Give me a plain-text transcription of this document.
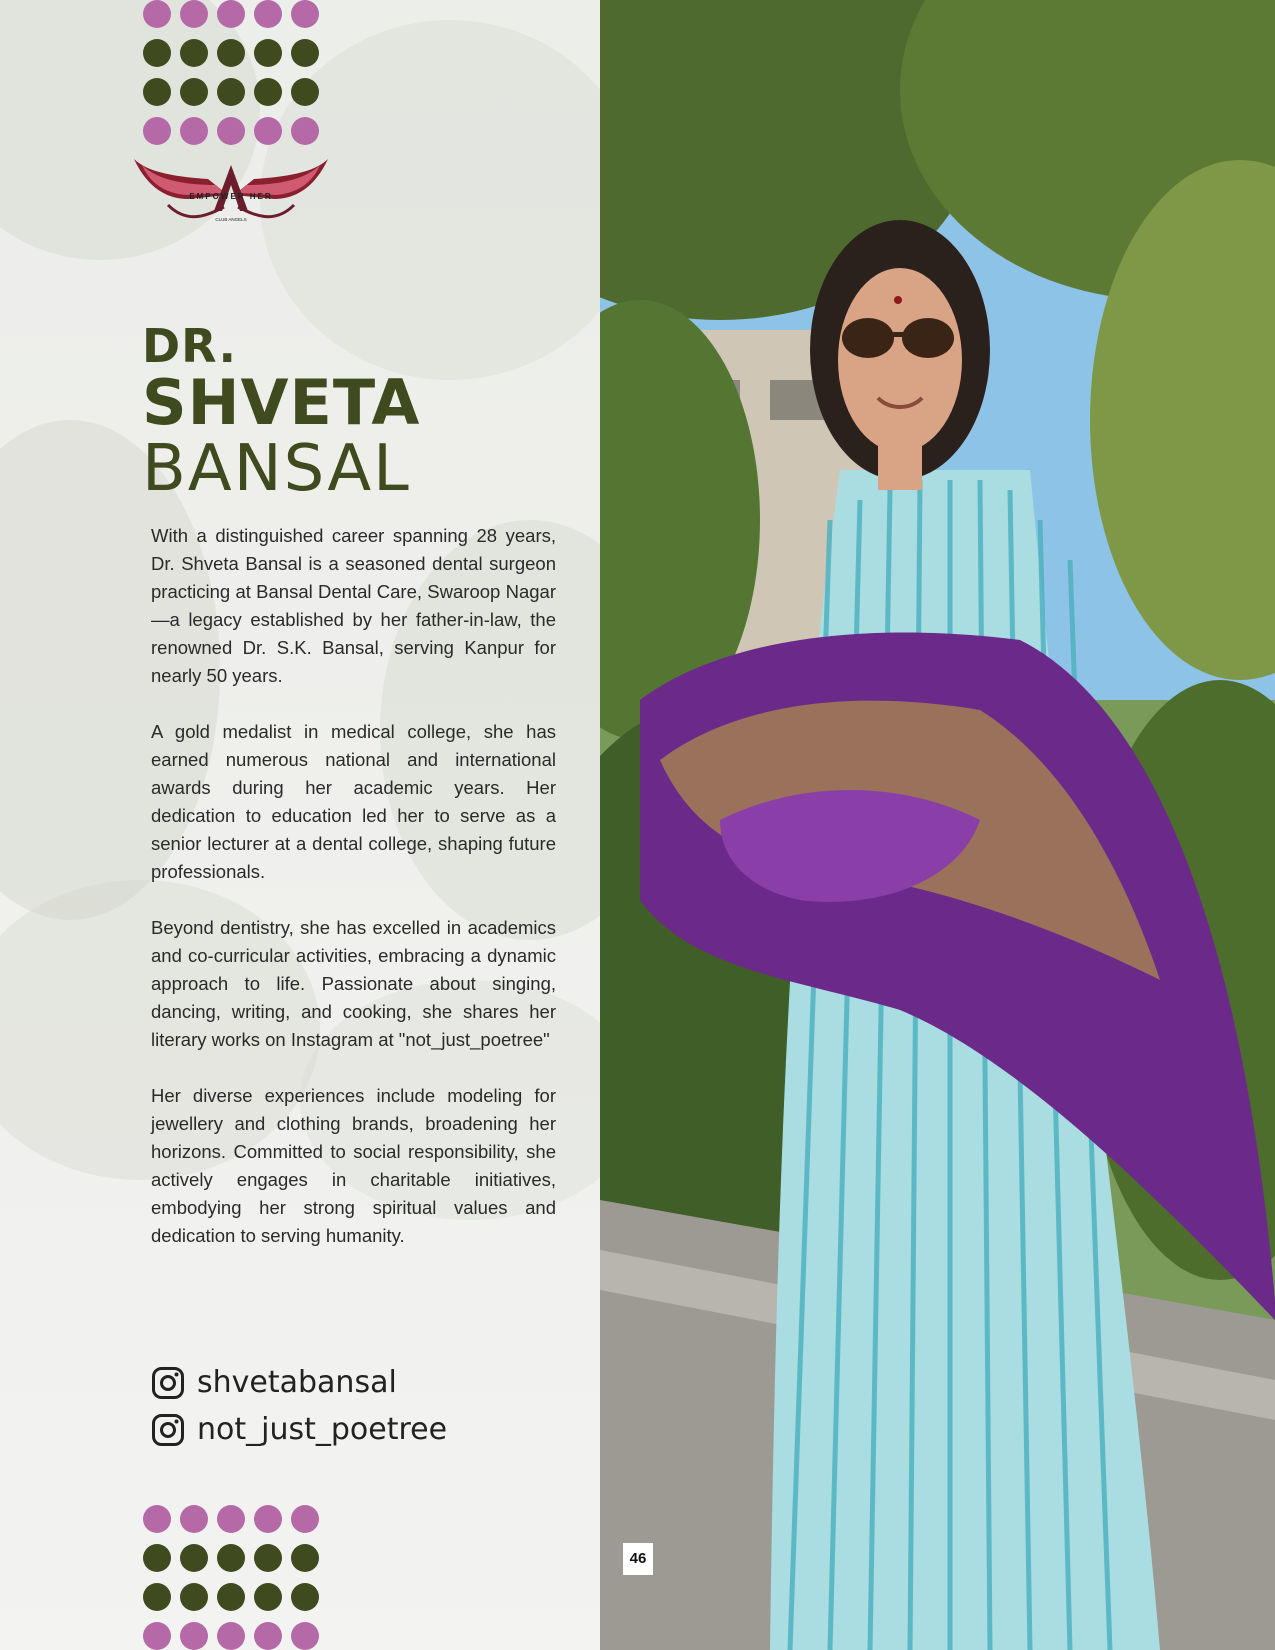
EMPOWER HER
CLUB ANGELS
DR.
SHVETA
BANSAL

With a distinguished career spanning 28 years, Dr. Shveta Bansal is a seasoned dental surgeon practicing at Bansal Dental Care, Swaroop Nagar—a legacy established by her father-in-law, the renowned Dr. S.K. Bansal, serving Kanpur for nearly 50 years.

A gold medalist in medical college, she has earned numerous national and international awards during her academic years. Her dedication to education led her to serve as a senior lecturer at a dental college, shaping future professionals.

Beyond dentistry, she has excelled in academics and co-curricular activities, embracing a dynamic approach to life. Passionate about singing, dancing, writing, and cooking, she shares her literary works on Instagram at "not_just_poetree"

Her diverse experiences include modeling for jewellery and clothing brands, broadening her horizons. Committed to social responsibility, she actively engages in charitable initiatives, embodying her strong spiritual values and dedication to serving humanity.

shvetabansal
not_just_poetree
46
